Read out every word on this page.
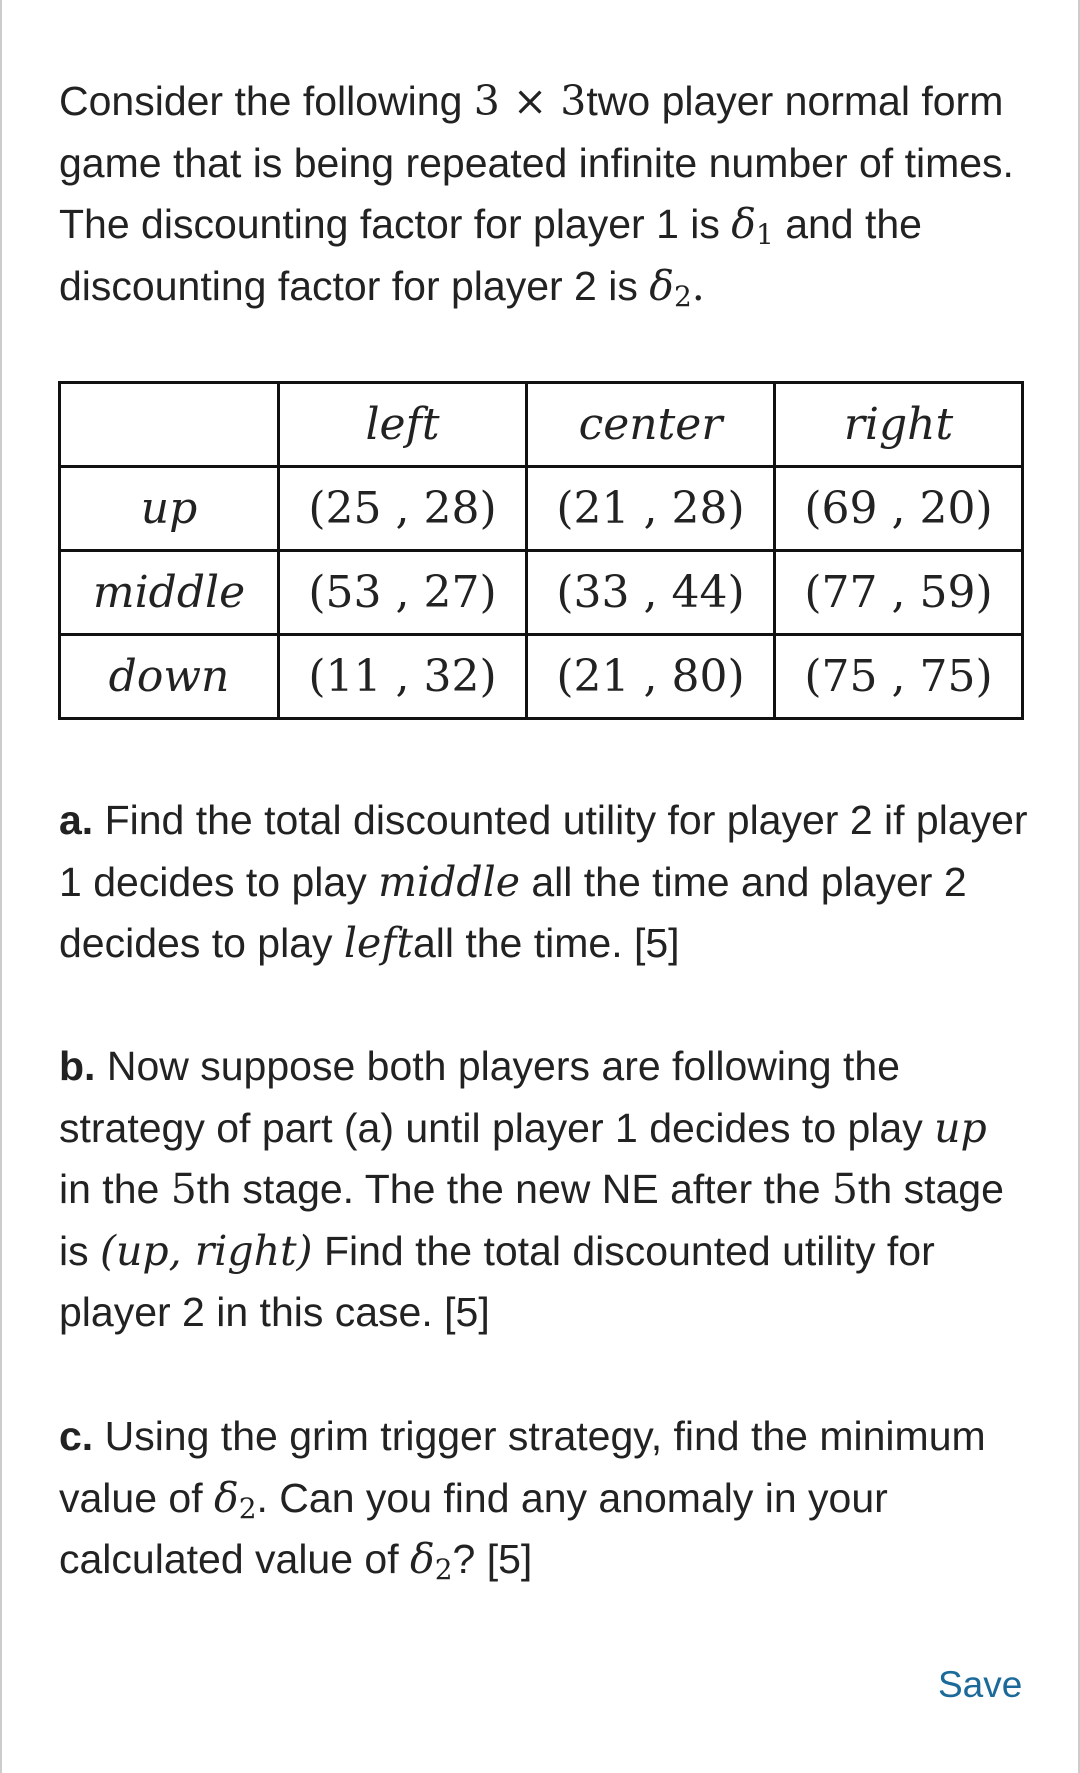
Consider the following 3 × 3two player normal form game that is being repeated infinite number of times. The discounting factor for player 1 is $\delta_1$ and the discounting factor for player 2 is $\delta_2$.
	left	center	right
up	(25 , 28)	(21 , 28)	(69 , 20)
middle	(53 , 27)	(33 , 44)	(77 , 59)
down	(11 , 32)	(21 , 80)	(75 , 75)
a. Find the total discounted utility for player 2 if player 1 decides to play middle all the time and player 2 decides to play leftall the time. [5]
b. Now suppose both players are following the strategy of part (a) until player 1 decides to play up in the 5th stage. The the new NE after the 5th stage is (up, right) Find the total discounted utility for player 2 in this case. [5]
c. Using the grim trigger strategy, find the minimum value of $\delta_2$. Can you find any anomaly in your calculated value of $\delta_2$? [5]
Save
